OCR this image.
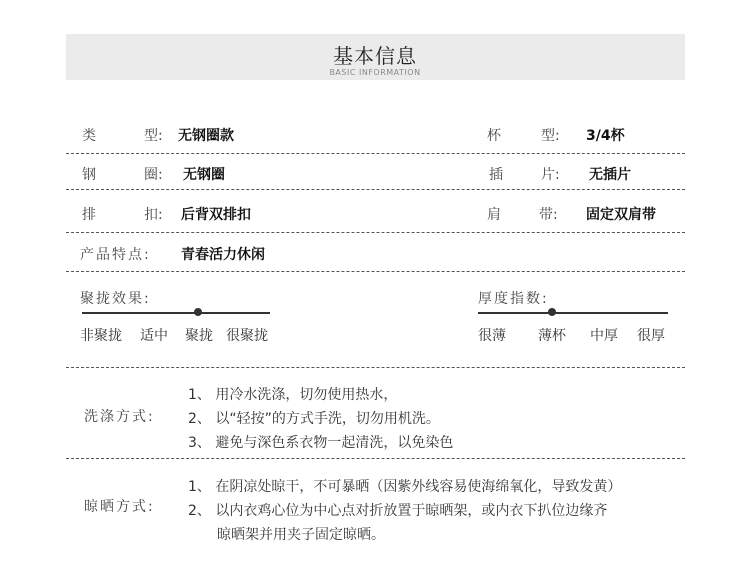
基本信息
BASIC INFORMATION
类	型: 无钢圈款	杯	型: 3/4杯
钢	圈: 无钢圈	插	片: 无插片
排	扣: 后背双排扣	肩	带: 固定双肩带
产品特点: 青春活力休闲
聚拢效果:
非聚拢 适中 聚拢 很聚拢
厚度指数:
很薄 薄杯 中厚 很厚
洗涤方式:
1、 用冷水洗涤，切勿使用热水，
2、 以“轻按”的方式手洗，切勿用机洗。
3、 避免与深色系衣物一起清洗，以免染色
晾晒方式:
1、 在阴凉处晾干，不可暴晒（因紫外线容易使海绵氧化，导致发黄）
2、 以内衣鸡心位为中心点对折放置于晾晒架，或内衣下扒位边缘齐
晾晒架并用夹子固定晾晒。
